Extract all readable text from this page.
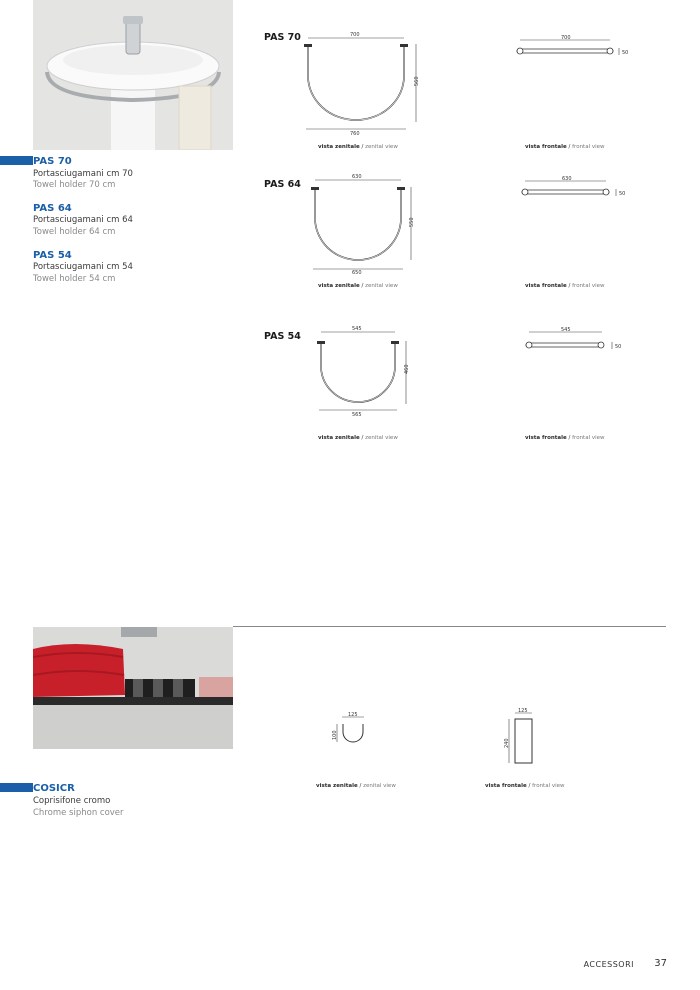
PAS 70
Portasciugamani cm 70
Towel holder 70 cm
PAS 64
Portasciugamani cm 64
Towel holder 64 cm
PAS 54
Portasciugamani cm 54
Towel holder 54 cm
PAS 70	700
560
760
vista zenitale / zenital view
700
50
vista frontale / frontal view
PAS 64
630
550
650
vista zenitale / zenital view
630
50
vista frontale / frontal view
PAS 54
545
460
565
vista zenitale / zenital view
545
50
vista frontale / frontal view
COSICR
Coprisifone cromo
Chrome siphon cover
125
100
vista zenitale / zenital view
125
240
vista frontale / frontal view
ACCESSORI 37
